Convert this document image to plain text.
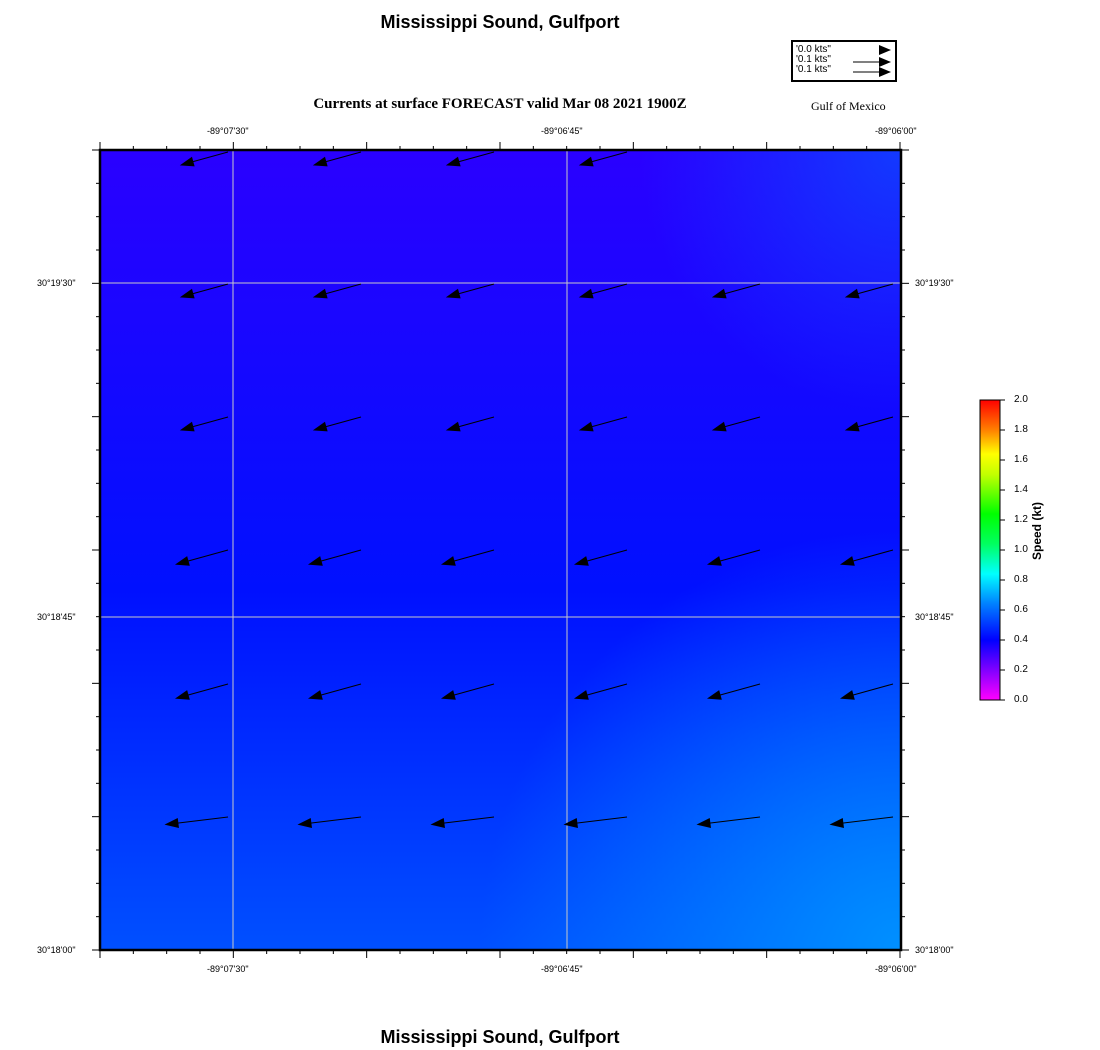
Mississippi Sound, Gulfport
Currents at surface FORECAST valid Mar 08 2021 1900Z	Gulf of Mexico
'0.0 kts"
'0.1 kts"
'0.1 kts"
-89°07'30"	-89°06'45"	-89°06'00"
-89°07'30"	-89°06'45"	-89°06'00"
30°19'30"
30°18'45"
30°18'00"
30°19'30"
30°18'45"
30°18'00"
2.0
1.8
1.6
1.4
1.2
1.0
0.8
0.6
0.4
0.2
0.0
Speed (kt)
Mississippi Sound, Gulfport
